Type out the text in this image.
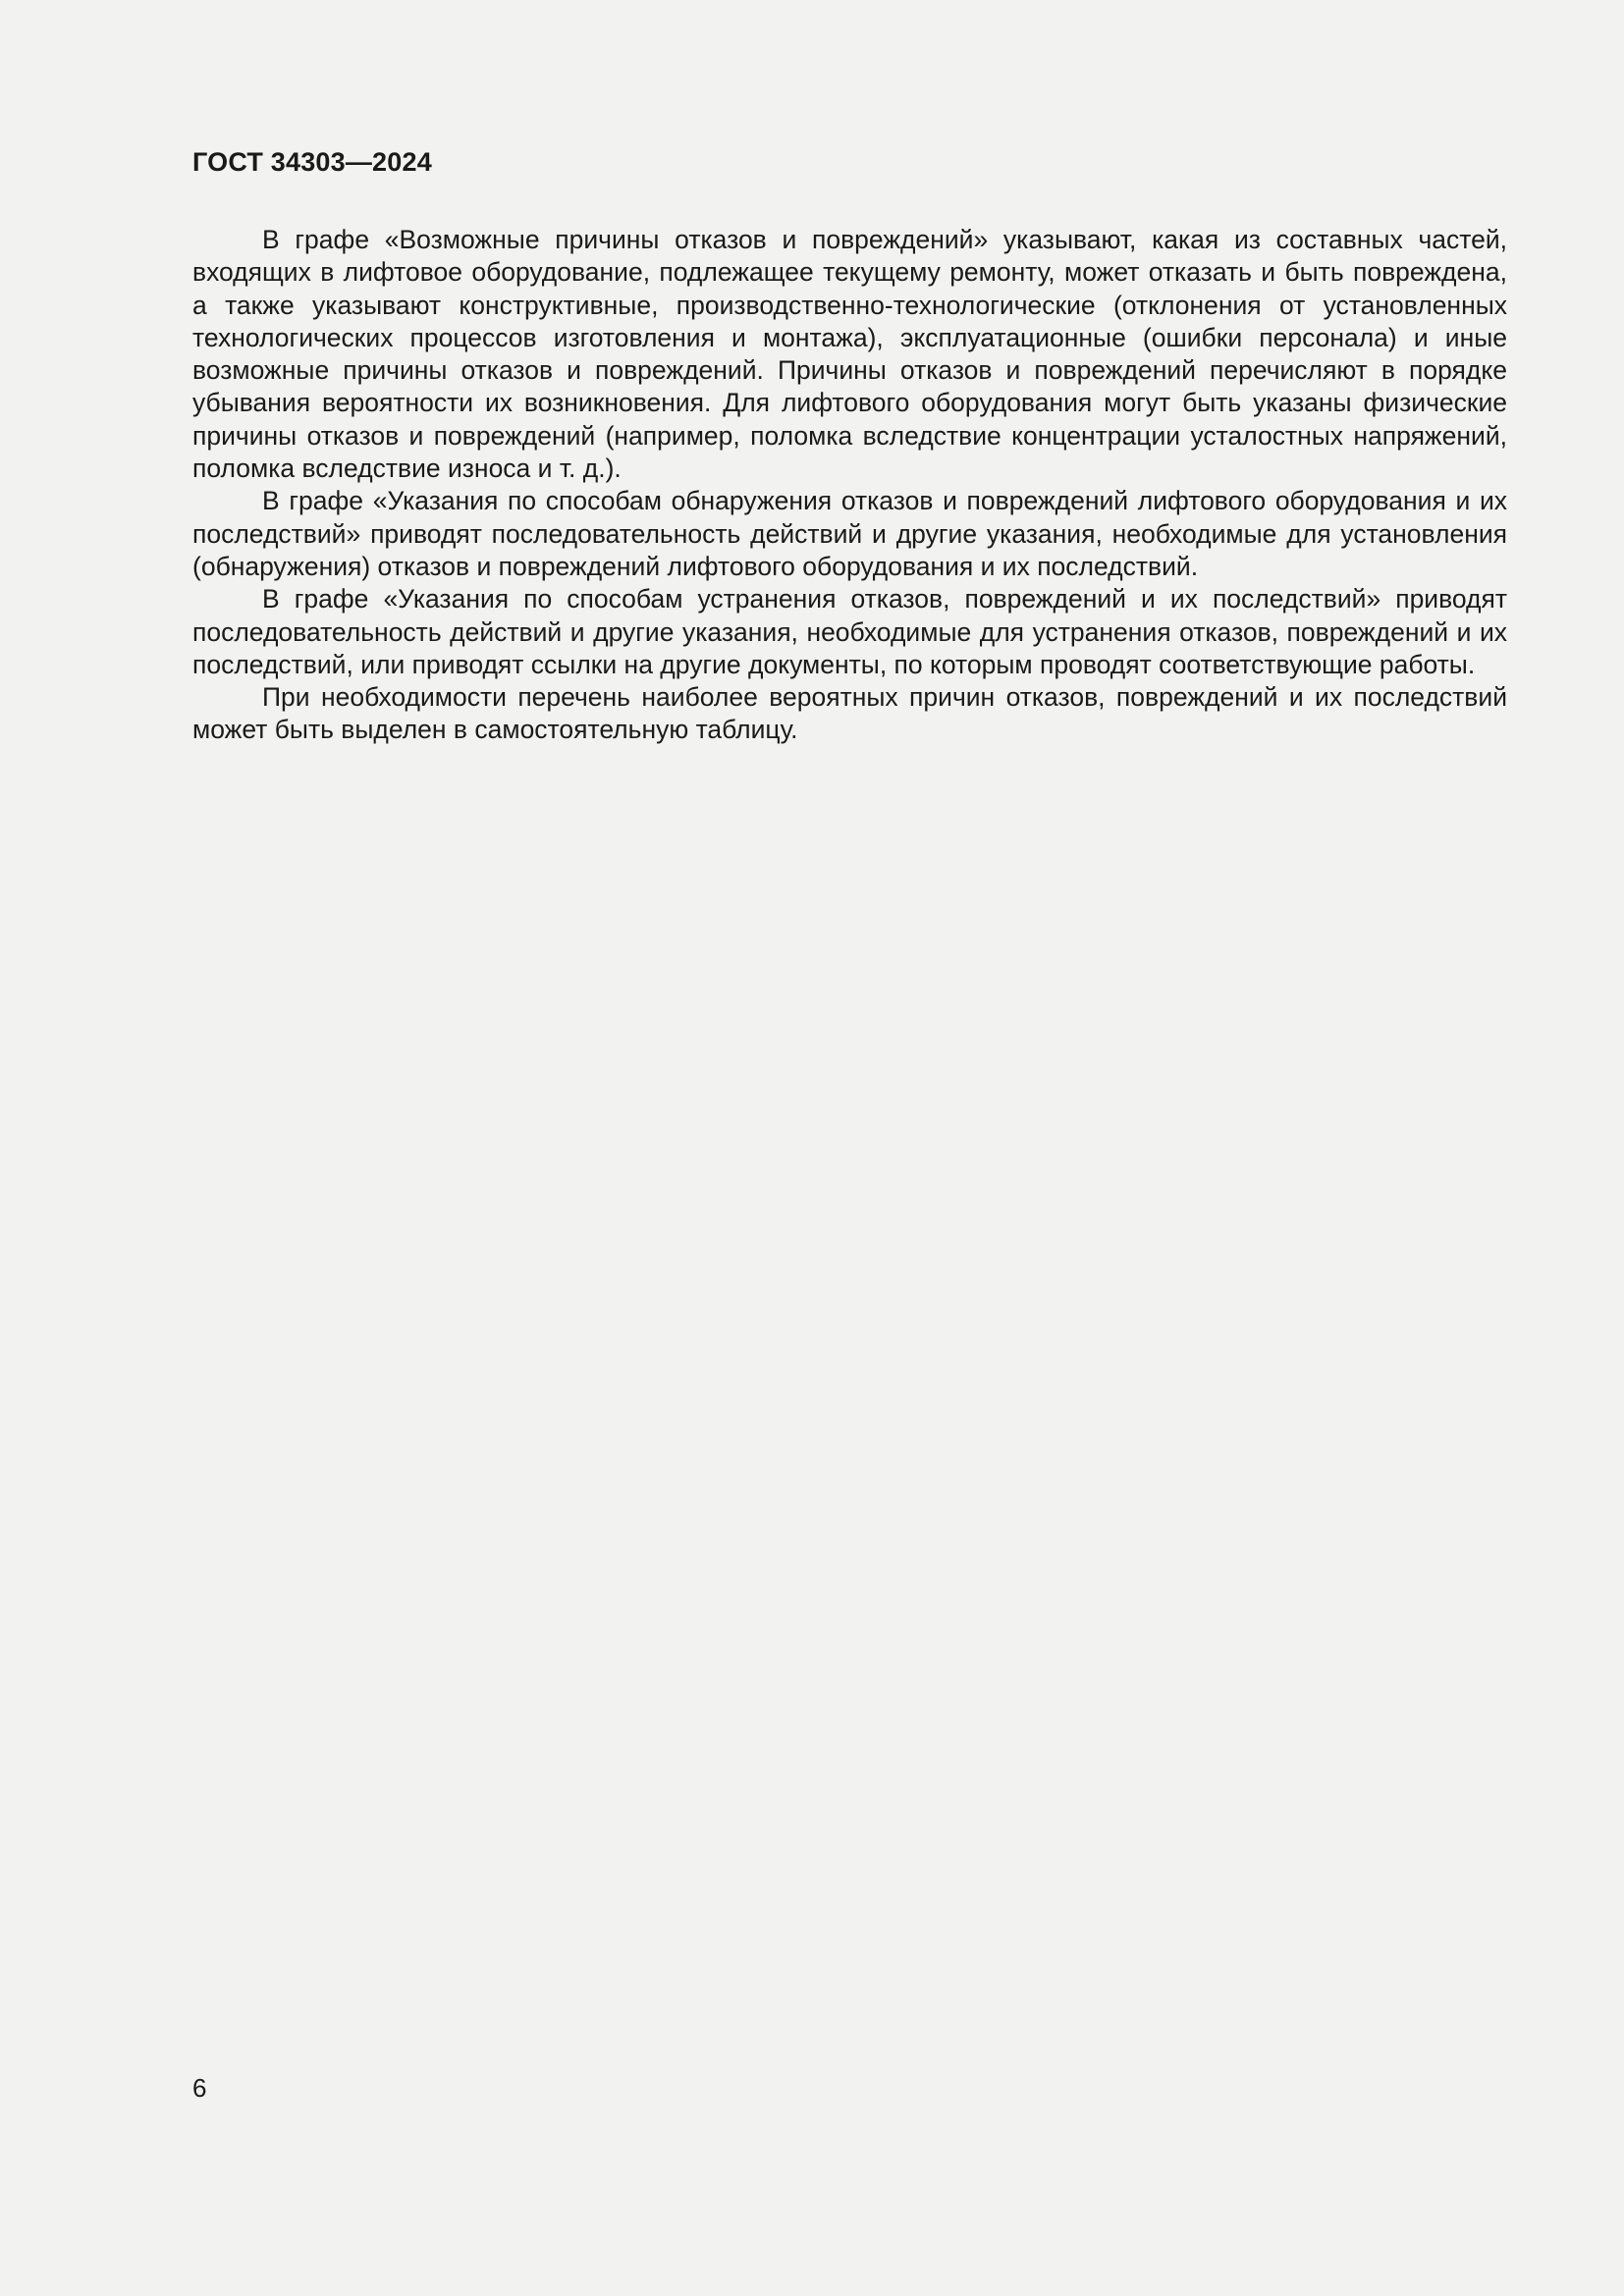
ГОСТ 34303—2024

В графе «Возможные причины отказов и повреждений» указывают, какая из составных частей, входящих в лифтовое оборудование, подлежащее текущему ремонту, может отказать и быть повреждена, а также указывают конструктивные, производственно-технологические (отклонения от установленных технологических процессов изготовления и монтажа), эксплуатационные (ошибки персонала) и иные возможные причины отказов и повреждений. Причины отказов и повреждений перечисляют в порядке убывания вероятности их возникновения. Для лифтового оборудования могут быть указаны физические причины отказов и повреждений (например, поломка вследствие концентрации усталостных напряжений, поломка вследствие износа и т. д.).

В графе «Указания по способам обнаружения отказов и повреждений лифтового оборудования и их последствий» приводят последовательность действий и другие указания, необходимые для установления (обнаружения) отказов и повреждений лифтового оборудования и их последствий.

В графе «Указания по способам устранения отказов, повреждений и их последствий» приводят последовательность действий и другие указания, необходимые для устранения отказов, повреждений и их последствий, или приводят ссылки на другие документы, по которым проводят соответствующие работы.

При необходимости перечень наиболее вероятных причин отказов, повреждений и их последствий может быть выделен в самостоятельную таблицу.

6
